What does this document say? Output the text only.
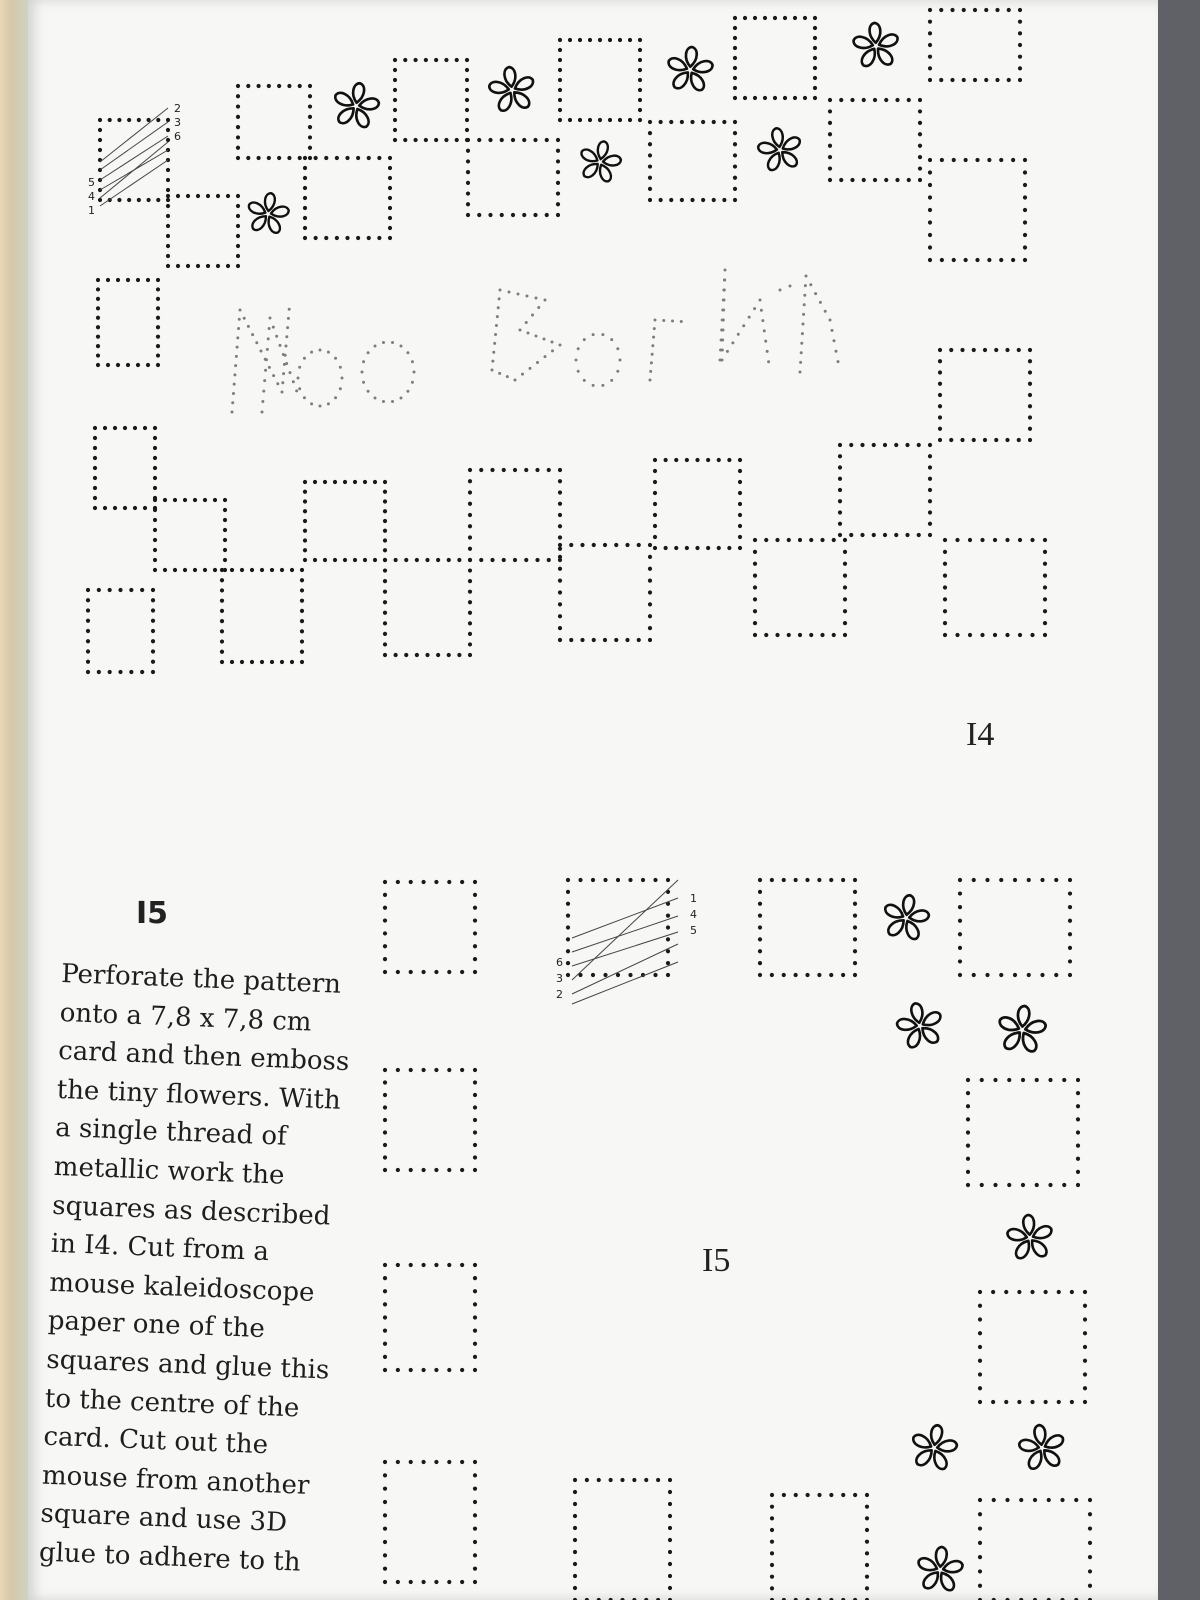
2
3
6
5
4
1
1
4
5
6
3
2
I4
I5
I5

Perforate the pattern

onto a 7,8 x 7,8 cm

card and then emboss

the tiny flowers. With

a single thread of

metallic work the

squares as described

in I4. Cut from a

mouse kaleidoscope

paper one of the

squares and glue this

to the centre of the

card. Cut out the

mouse from another

square and use 3D

glue to adhere to th
